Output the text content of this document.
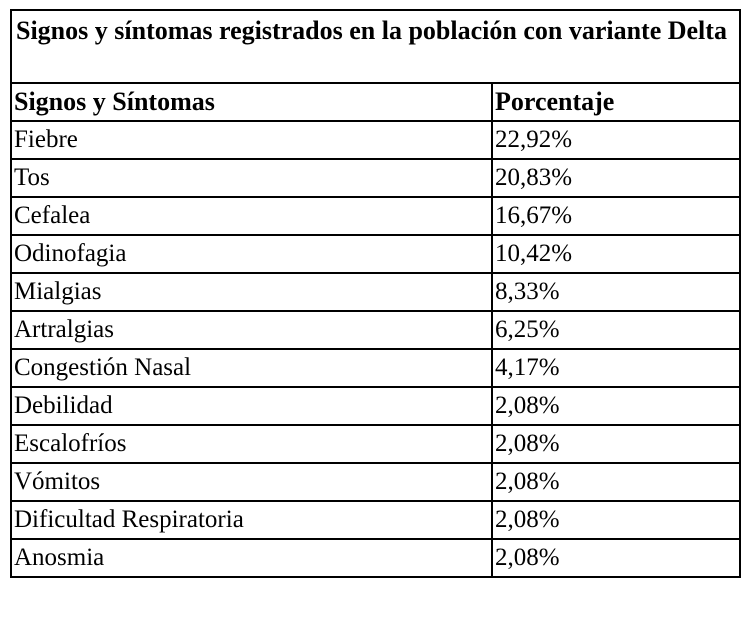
Signos y síntomas registrados en la población con variante Delta	
Signos y Síntomas	Porcentaje
Fiebre	22,92%
Tos	20,83%
Cefalea	16,67%
Odinofagia	10,42%
Mialgias	8,33%
Artralgias	6,25%
Congestión Nasal	4,17%
Debilidad	2,08%
Escalofríos	2,08%
Vómitos	2,08%
Dificultad Respiratoria	2,08%
Anosmia	2,08%
